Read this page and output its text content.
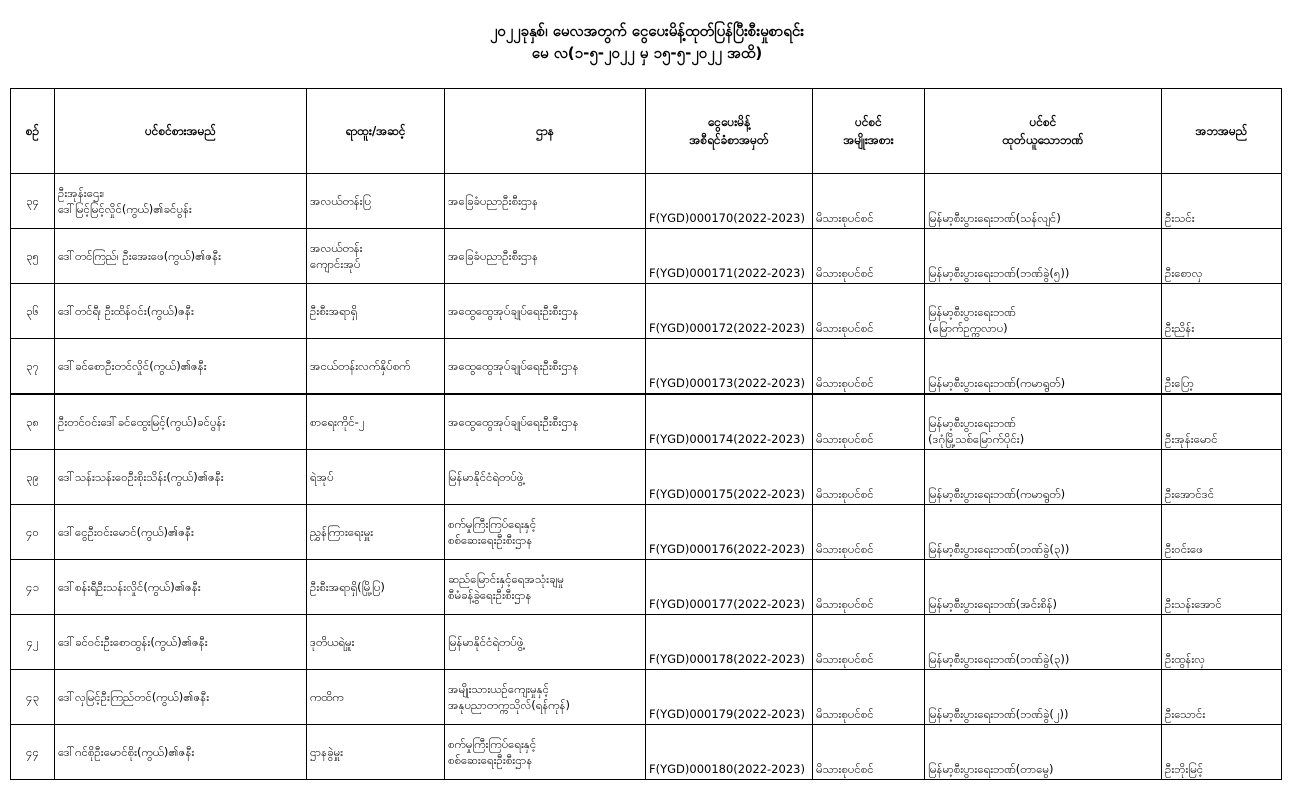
၂၀၂၂ခုနှစ်၊ မေလအတွက် ငွေပေးမိန့်ထုတ်ပြန်ပြီးစီးမှုစာရင်း
မေ လ(၁-၅-၂၀၂၂ မှ ၁၅-၅-၂၀၂၂ အထိ)
စဉ်	ပင်စင်စားအမည်	ရာထူး/အဆင့်	ဌာန	ငွေပေးမိန့်
အစီရင်ခံစာအမှတ်	ပင်စင်
အမျိုးအစား	ပင်စင်
ထုတ်ယူသောဘဏ်	အဘအမည်
၃၄	ဦးအုန်းဌေး၊
ဒေါ်မြင့်မြင့်လှိုင်(ကွယ်)၏ခင်ပွန်း	အလယ်တန်းပြ	အခြေခံပညာဦးစီးဌာန	F(YGD)000170(2022-2023)	မိသားစုပင်စင်	မြန်မာ့စီးပွားရေးဘဏ်(သန်လျင်)	ဦးသင်း
၃၅	ဒေါ်တင်ကြည်၊ ဦးအေးဖေ(ကွယ်)၏ဇနီး	အလယ်တန်း
ကျောင်းအုပ်	အခြေခံပညာဦးစီးဌာန	F(YGD)000171(2022-2023)	မိသားစုပင်စင်	မြန်မာ့စီးပွားရေးဘဏ်(ဘဏ်ခွဲ(၅))	ဦးစောလှ
၃၆	ဒေါ်တင်ရီ၊ ဦးထိန်ဝင်း(ကွယ်)ဇနီး	ဦးစီးအရာရှိ	အထွေထွေအုပ်ချုပ်ရေးဦးစီးဌာန	F(YGD)000172(2022-2023)	မိသားစုပင်စင်	မြန်မာ့စီးပွားရေးဘဏ်
(မြောက်ဥက္ကလာပ)	ဦးညိန်း
၃၇	ဒေါ်ခင်စောဦးတင်လှိုင်(ကွယ်)၏ဇနီး	အငယ်တန်းလက်နှိပ်စက်	အထွေထွေအုပ်ချုပ်ရေးဦးစီးဌာန	F(YGD)000173(2022-2023)	မိသားစုပင်စင်	မြန်မာ့စီးပွားရေးဘဏ်(ကမာရွတ်)	ဦးပြော့
၃၈	ဦးတင်ဝင်းဒေါ်ခင်ထွေးမြင့်(ကွယ်)ခင်ပွန်း	စာရေးကိုင်-၂	အထွေထွေအုပ်ချုပ်ရေးဦးစီးဌာန	F(YGD)000174(2022-2023)	မိသားစုပင်စင်	မြန်မာ့စီးပွားရေးဘဏ်
(ဒဂုံမြို့သစ်မြောက်ပိုင်း)	ဦးအုန်းမောင်
၃၉	ဒေါ်သန်းသန်းဝေဦးစိုးသိန်း(ကွယ်)၏ဇနီး	ရဲအုပ်	မြန်မာနိုင်ငံရဲတပ်ဖွဲ့	F(YGD)000175(2022-2023)	မိသားစုပင်စင်	မြန်မာ့စီးပွားရေးဘဏ်(ကမာရွတ်)	ဦးအောင်ဒင်
၄၀	ဒေါ်ငွေဦးဝင်းမောင်(ကွယ်)၏ဇနီး	ညွှန်ကြားရေးမှူး	စက်မှုကြီးကြပ်ရေးနှင့်
စစ်ဆေးရေးဦးစီးဌာန	F(YGD)000176(2022-2023)	မိသားစုပင်စင်	မြန်မာ့စီးပွားရေးဘဏ်(ဘဏ်ခွဲ(၃))	ဦးဝင်းဖေ
၄၁	ဒေါ်စန်းရီဦးသန်းလှိုင်(ကွယ်)၏ဇနီး	ဦးစီးအရာရှိ(မြို့ပြ)	ဆည်မြောင်းနှင့်ရေအသုံးချမှု
စီမံခန့်ခွဲရေးဦးစီးဌာန	F(YGD)000177(2022-2023)	မိသားစုပင်စင်	မြန်မာ့စီးပွားရေးဘဏ်(အင်းစိန်)	ဦးသန်းအောင်
၄၂	ဒေါ်ခင်ဝင်းဦးစောထွန်း(ကွယ်)၏ဇနီး	ဒုတိယရဲမှူး	မြန်မာနိုင်ငံရဲတပ်ဖွဲ့	F(YGD)000178(2022-2023)	မိသားစုပင်စင်	မြန်မာ့စီးပွားရေးဘဏ်(ဘဏ်ခွဲ(၃))	ဦးထွန်းလှ
၄၃	ဒေါ်လှမြင့်ဦးကြည်တင်(ကွယ်)၏ဇနီး	ကထိက	အမျိုးသားယဉ်ကျေးမှုနှင့်
အနုပညာတက္ကသိုလ်(ရန်ကုန်)	F(YGD)000179(2022-2023)	မိသားစုပင်စင်	မြန်မာ့စီးပွားရေးဘဏ်(ဘဏ်ခွဲ(၂))	ဦးသောင်း
၄၄	ဒေါ်ဂင်စိုဦးမောင်စိုး(ကွယ်)၏ဇနီး	ဌာနခွဲမှူး	စက်မှုကြီးကြပ်ရေးနှင့်
စစ်ဆေးရေးဦးစီးဌာန	F(YGD)000180(2022-2023)	မိသားစုပင်စင်	မြန်မာ့စီးပွားရေးဘဏ်(တာမွေ)	ဦးဘိုးမြင့်
